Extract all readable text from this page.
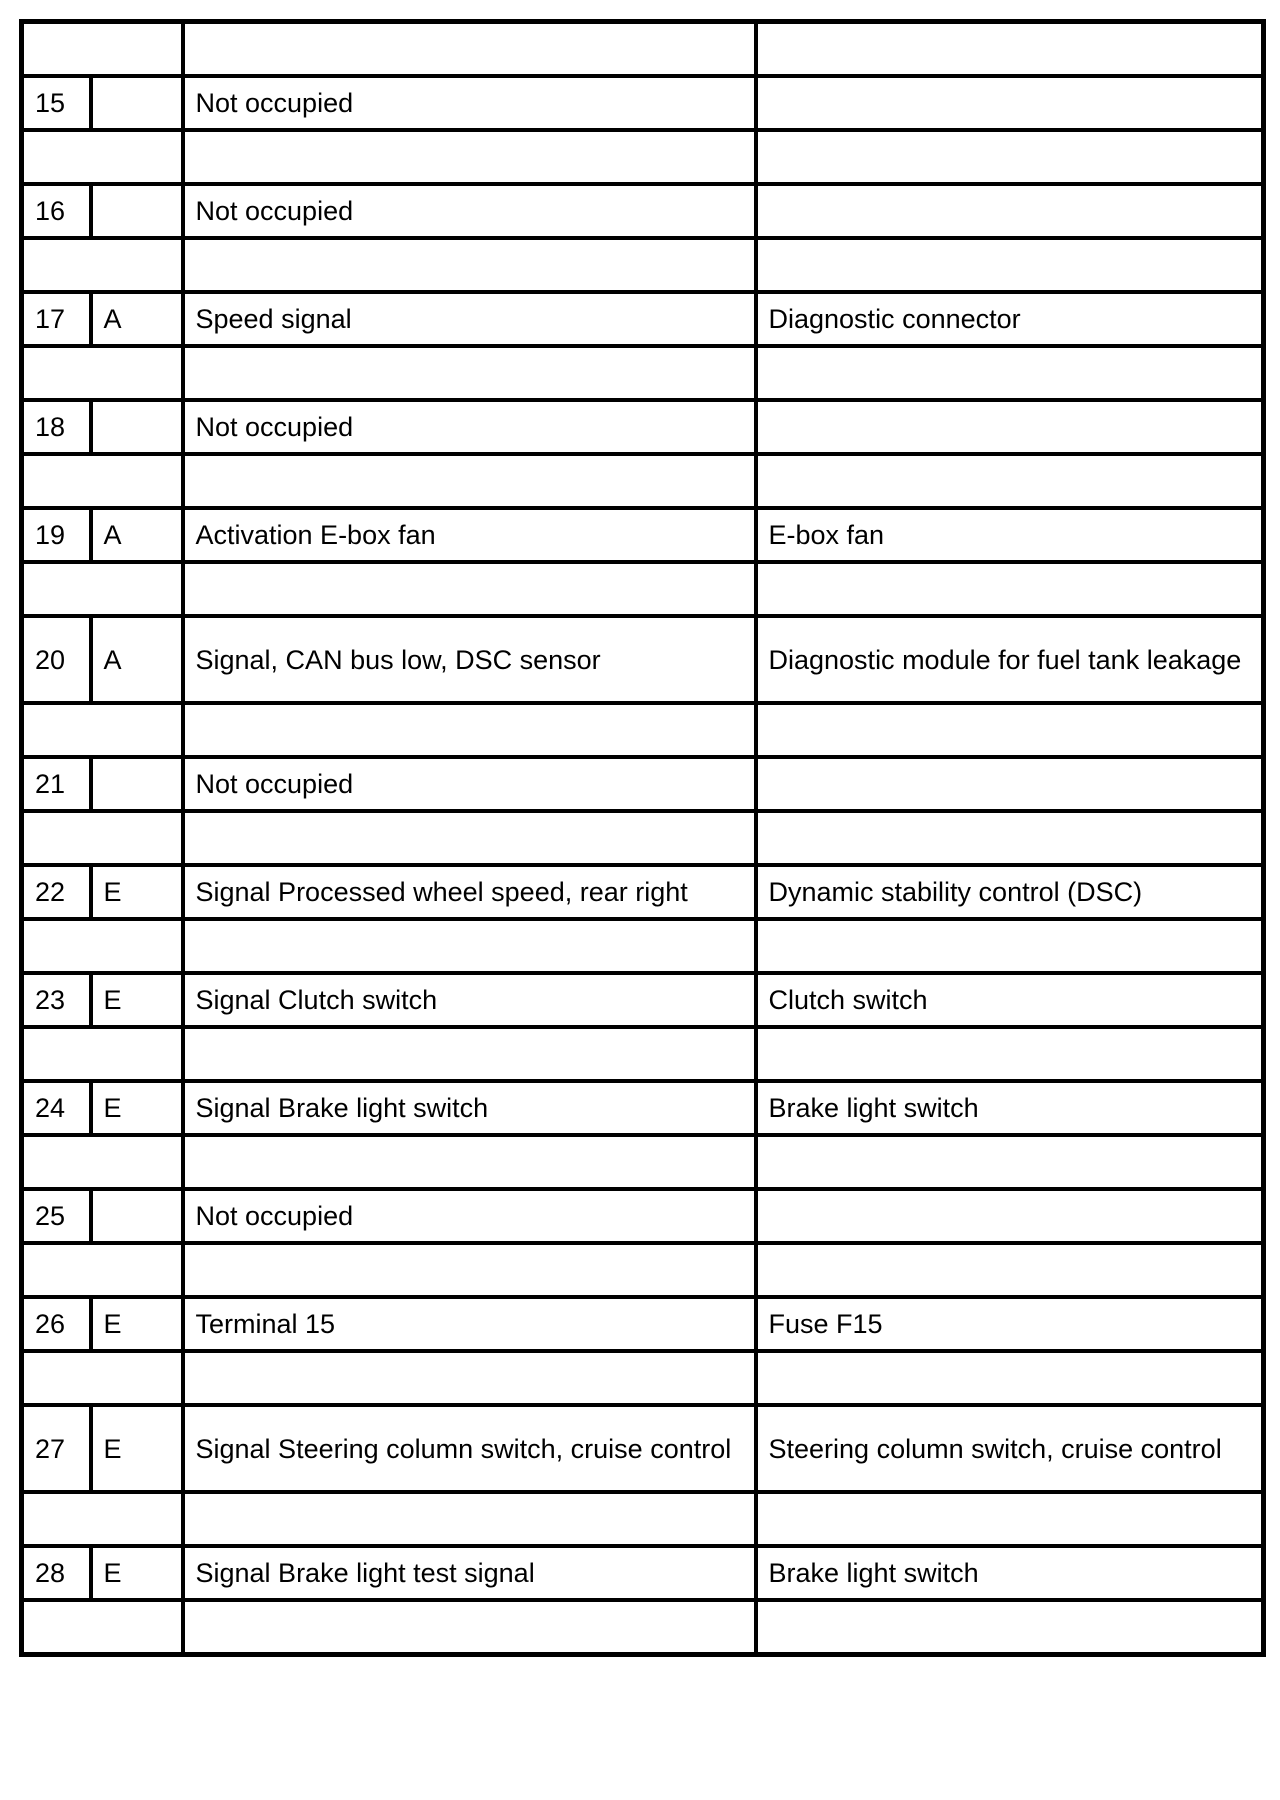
15		Not occupied	

16		Not occupied	

17	A	Speed signal	Diagnostic connector

18		Not occupied	

19	A	Activation E-box fan	E-box fan

20	A	Signal, CAN bus low, DSC sensor	Diagnostic module for fuel tank leakage

21		Not occupied	

22	E	Signal Processed wheel speed, rear right	Dynamic stability control (DSC)

23	E	Signal Clutch switch	Clutch switch

24	E	Signal Brake light switch	Brake light switch

25		Not occupied	

26	E	Terminal 15	Fuse F15

27	E	Signal Steering column switch, cruise control	Steering column switch, cruise control

28	E	Signal Brake light test signal	Brake light switch
